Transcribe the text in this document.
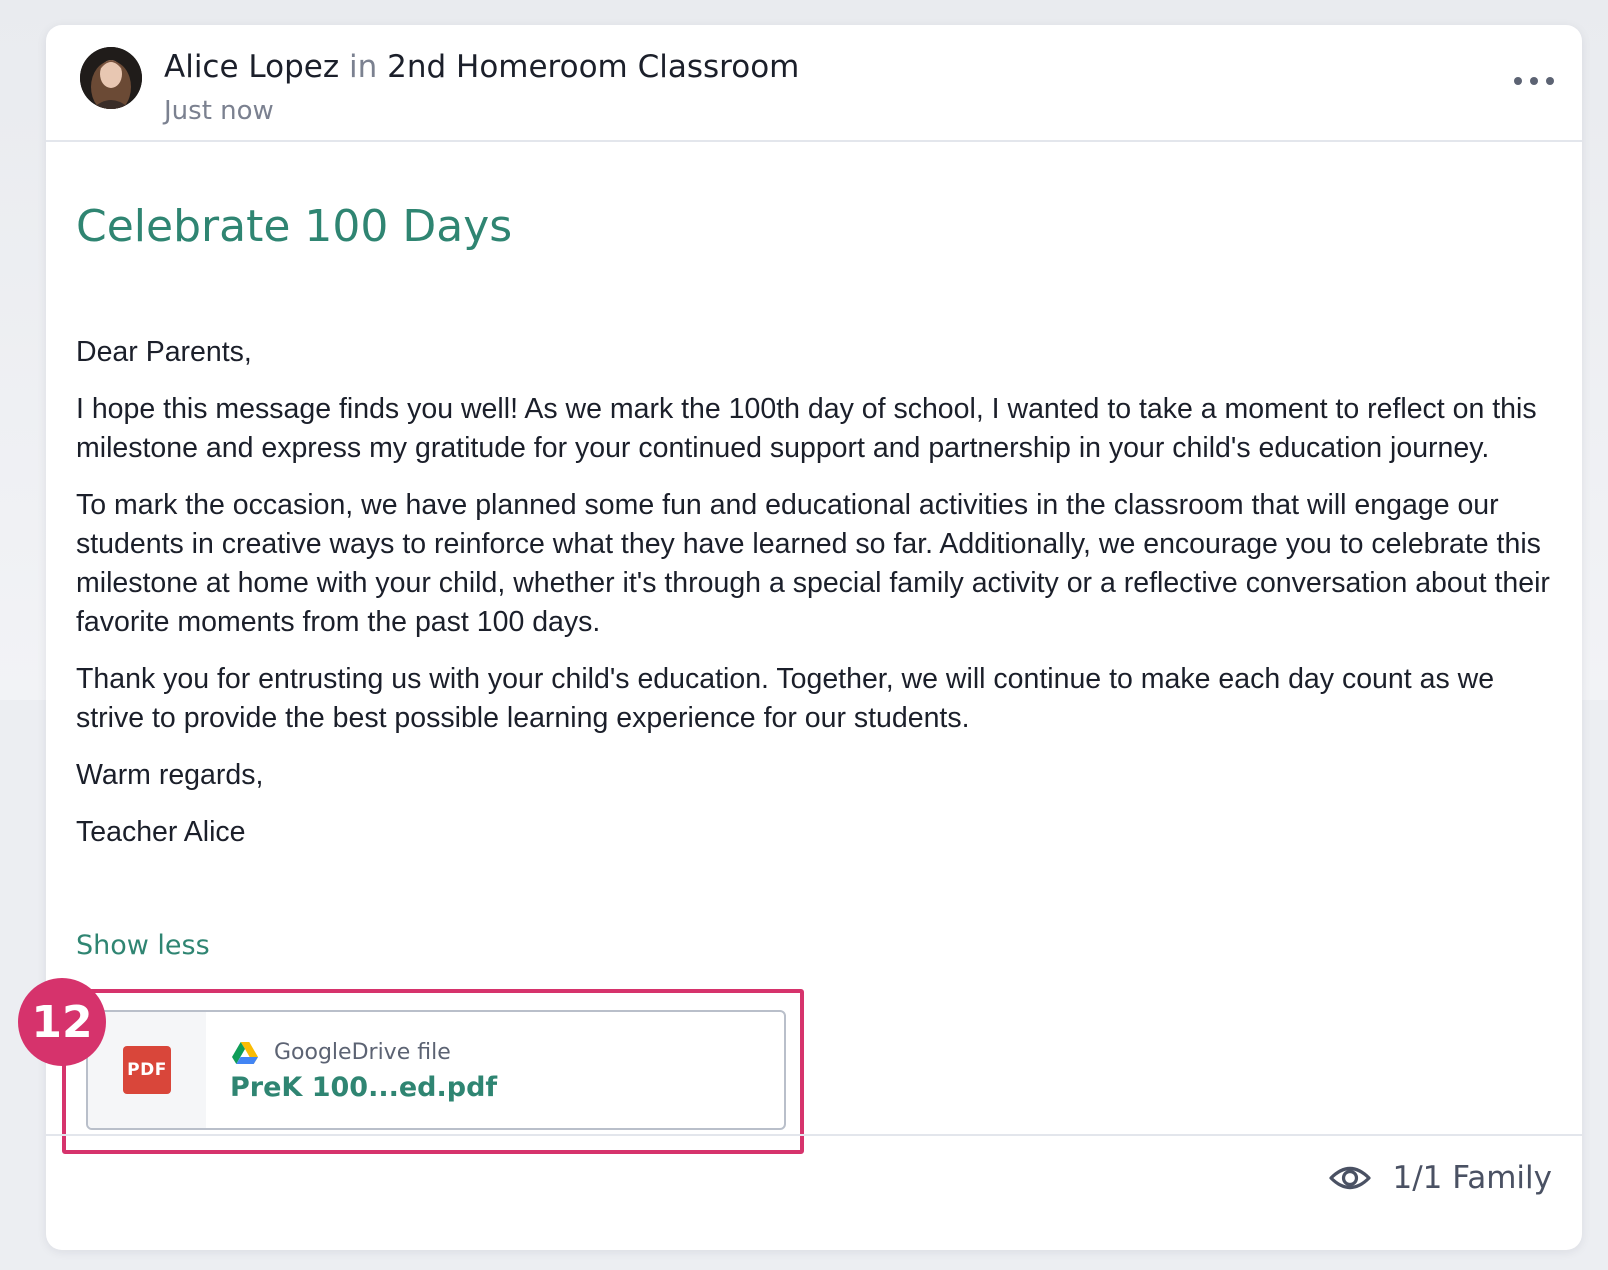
Alice Lopez in 2nd Homeroom Classroom
Just now
Celebrate 100 Days

Dear Parents,

I hope this message finds you well! As we mark the 100th day of school, I wanted to take a moment to reflect on this milestone and express my gratitude for your continued support and partnership in your child's education journey.

To mark the occasion, we have planned some fun and educational activities in the classroom that will engage our students in creative ways to reinforce what they have learned so far. Additionally, we encourage you to celebrate this milestone at home with your child, whether it's through a special family activity or a reflective conversation about their favorite moments from the past 100 days.

Thank you for entrusting us with your child's education. Together, we will continue to make each day count as we strive to provide the best possible learning experience for our students.

Warm regards,

Teacher Alice

Show less
PDF
GoogleDrive file
PreK 100...ed.pdf
1/1 Family
12
